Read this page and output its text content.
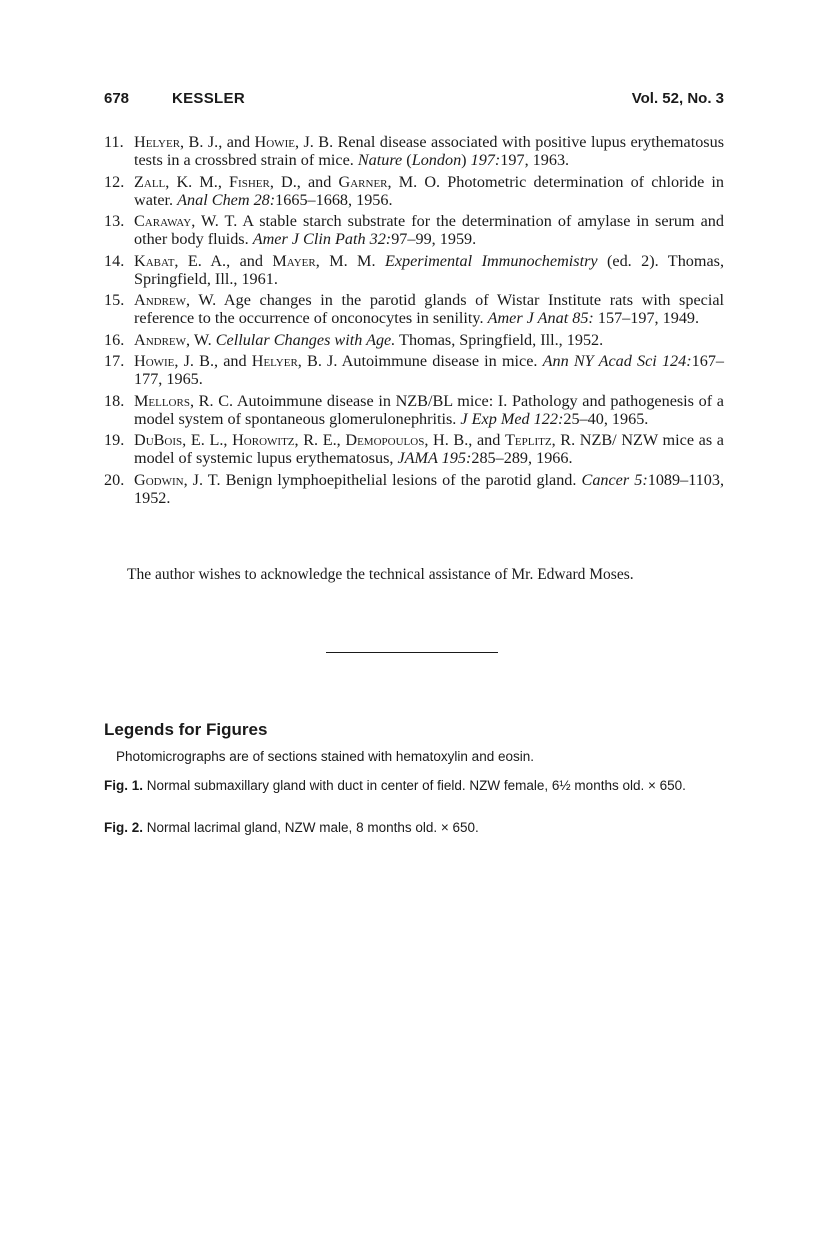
678	KESSLER	Vol. 52, No. 3
11. Helyer, B. J., and Howie, J. B. Renal disease associated with positive lupus erythematosus tests in a crossbred strain of mice. Nature (London) 197:197, 1963.
12. Zall, K. M., Fisher, D., and Garner, M. O. Photometric determination of chloride in water. Anal Chem 28:1665–1668, 1956.
13. Caraway, W. T. A stable starch substrate for the determination of amylase in serum and other body fluids. Amer J Clin Path 32:97–99, 1959.
14. Kabat, E. A., and Mayer, M. M. Experimental Immunochemistry (ed. 2). Thomas, Springfield, Ill., 1961.
15. Andrew, W. Age changes in the parotid glands of Wistar Institute rats with special reference to the occurrence of onconocytes in senility. Amer J Anat 85: 157–197, 1949.
16. Andrew, W. Cellular Changes with Age. Thomas, Springfield, Ill., 1952.
17. Howie, J. B., and Helyer, B. J. Autoimmune disease in mice. Ann NY Acad Sci 124:167–177, 1965.
18. Mellors, R. C. Autoimmune disease in NZB/BL mice: I. Pathology and pathogenesis of a model system of spontaneous glomerulonephritis. J Exp Med 122:25–40, 1965.
19. DuBois, E. L., Horowitz, R. E., Demopoulos, H. B., and Teplitz, R. NZB/ NZW mice as a model of systemic lupus erythematosus, JAMA 195:285–289, 1966.
20. Godwin, J. T. Benign lymphoepithelial lesions of the parotid gland. Cancer 5:1089–1103, 1952.
The author wishes to acknowledge the technical assistance of Mr. Edward Moses.
Legends for Figures
Photomicrographs are of sections stained with hematoxylin and eosin.
Fig. 1. Normal submaxillary gland with duct in center of field. NZW female, 6½ months old. × 650.
Fig. 2. Normal lacrimal gland, NZW male, 8 months old. × 650.
